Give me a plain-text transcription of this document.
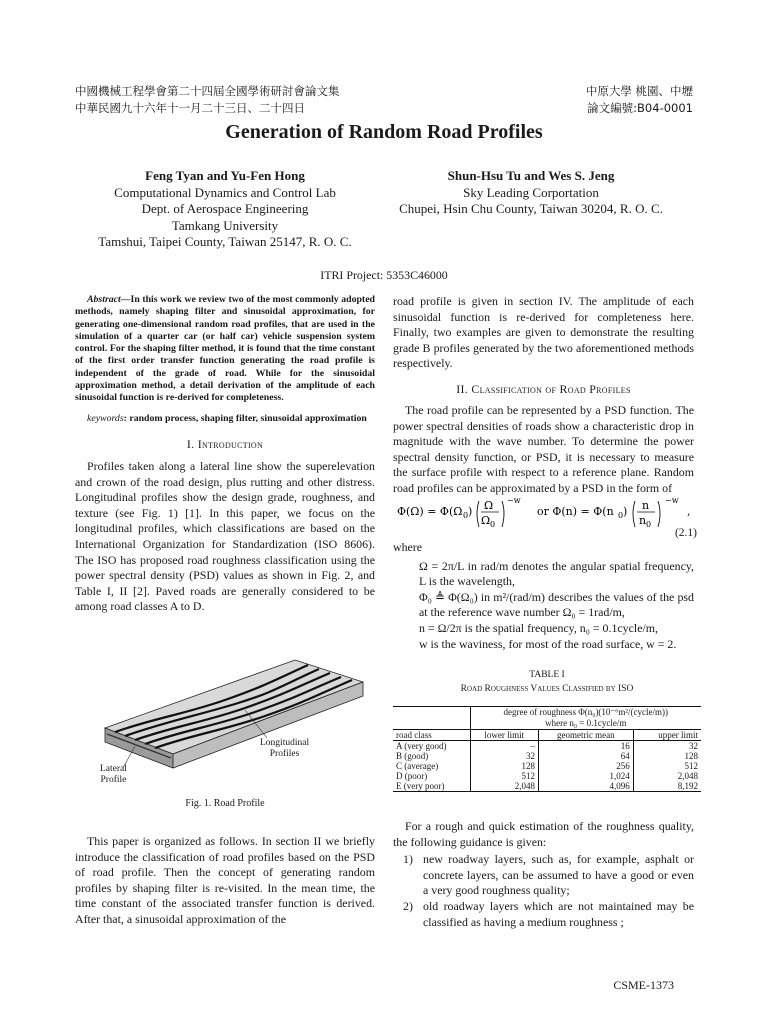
中國機械工程學會第二十四屆全國學術研討會論文集
中華民國九十六年十一月二十三日、二十四日
中原大學 桃園、中壢
論文編號:B04-0001
Generation of Random Road Profiles
Feng Tyan and Yu-Fen Hong
Computational Dynamics and Control Lab
Dept. of Aerospace Engineering
Tamkang University
Tamshui, Taipei County, Taiwan 25147, R. O. C.
Shun-Hsu Tu and Wes S. Jeng
Sky Leading Corportation
Chupei, Hsin Chu County, Taiwan 30204, R. O. C.
ITRI Project: 5353C46000
Abstract—In this work we review two of the most commonly adopted methods, namely shaping filter and sinusoidal approximation, for generating one-dimensional random road profiles, that are used in the simulation of a quarter car (or half car) vehicle suspension system control. For the shaping filter method, it is found that the time constant of the first order transfer function generating the road profile is independent of the grade of road. While for the sinusoidal approximation method, a detail derivation of the amplitude of each sinusoidal function is re-derived for completeness.
keywords: random process, shaping filter, sinusoidal approximation
I. Introduction

Profiles taken along a lateral line show the superelevation and crown of the road design, plus rutting and other distress. Longitudinal profiles show the design grade, roughness, and texture (see Fig. 1) [1]. In this paper, we focus on the longitudinal profiles, which classifications are based on the International Organization for Standardization (ISO 8606). The ISO has proposed road roughness classification using the power spectral density (PSD) values as shown in Fig. 2, and Table I, II [2]. Paved roads are generally considered to be among road classes A to D.

Longitudinal
Profiles
Lateral
Profile
Fig. 1. Road Profile

This paper is organized as follows. In section II we briefly introduce the classification of road profiles based on the PSD of road profile. Then the concept of generating random profiles by shaping filter is re-visited. In the mean time, the time constant of the associated transfer function is derived. After that, a sinusoidal approximation of the

road profile is given in section IV. The amplitude of each sinusoidal function is re-derived for completeness here. Finally, two examples are given to demonstrate the resulting grade B profiles generated by the two aforementioned methods respectively.

II. Classification of Road Profiles

The road profile can be represented by a PSD function. The power spectral densities of roads show a characteristic drop in magnitude with the wave number. To determine the power spectral density function, or PSD, it is necessary to measure the surface profile with respect to a reference plane. Random road profiles can be approximated by a PSD in the form of

Φ(Ω) = Φ(Ω 0 ) Ω
Ω 0
−w
or Φ(n) = Φ(n 0 ) n
n 0
−w
,
(2.1)
where
Ω = 2π/L in rad/m denotes the angular spatial frequency, L is the wavelength,
Φ₀ ≜ Φ(Ω₀) in m²/(rad/m) describes the values of the psd at the reference wave number Ω₀ = 1rad/m,
n = Ω/2π is the spatial frequency, n₀ = 0.1cycle/m,
w is the waviness, for most of the road surface, w = 2.
TABLE I
Road Roughness Values Classified by ISO

	degree of roughness Φ(n₀)(10⁻⁶m²/(cycle/m))
where n₀ = 0.1cycle/m		

road class	lower limit	geometric mean	upper limit
A (very good)	–	16	32
B (good)	32	64	128
C (average)	128	256	512
D (poor)	512	1,024	2,048
E (very poor)	2,048	4,096	8,192

For a rough and quick estimation of the roughness quality, the following guidance is given:

1) new roadway layers, such as, for example, asphalt or concrete layers, can be assumed to have a good or even a very good roughness quality;
2) old roadway layers which are not maintained may be classified as having a medium roughness ;
CSME-1373
